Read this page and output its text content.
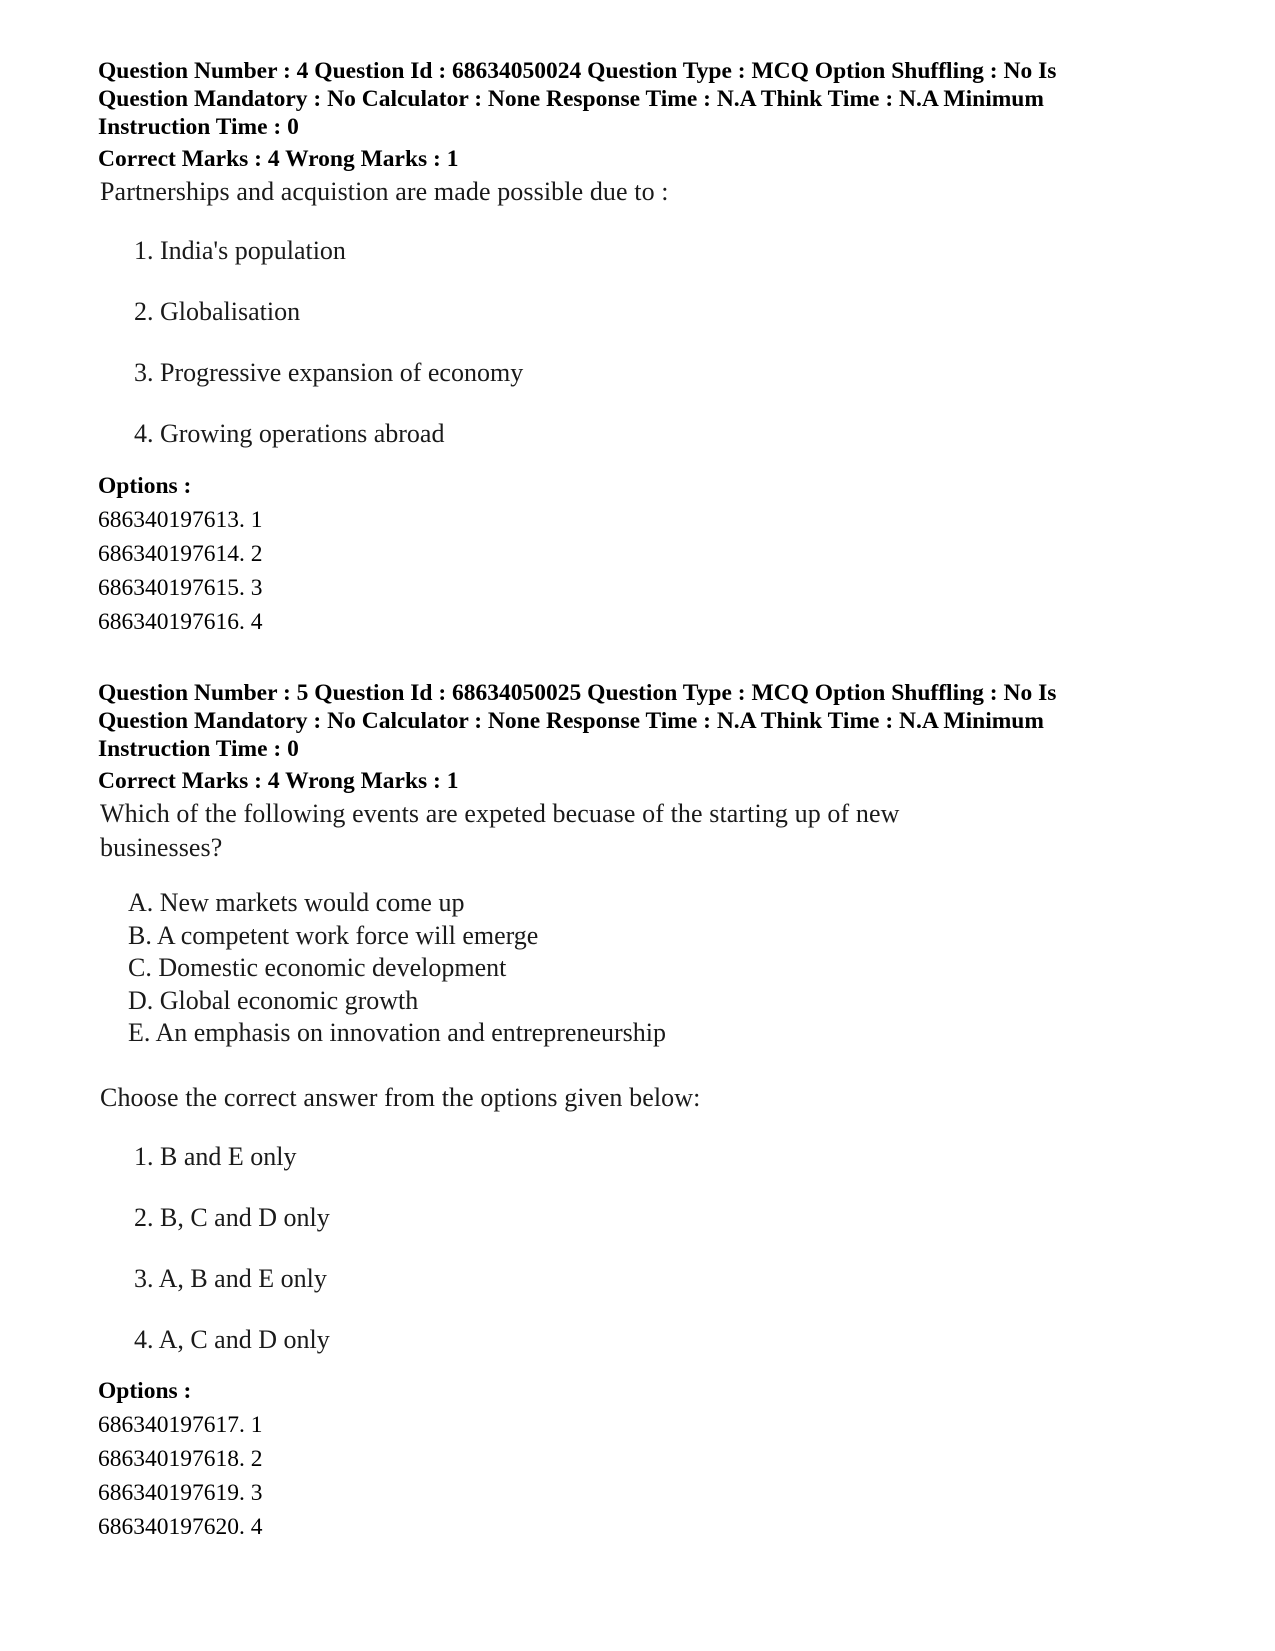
Question Number : 4 Question Id : 68634050024 Question Type : MCQ Option Shuffling : No Is

Question Mandatory : No Calculator : None Response Time : N.A Think Time : N.A Minimum

Instruction Time : 0

Correct Marks : 4 Wrong Marks : 1

Partnerships and acquistion are made possible due to :
1. India's population
2. Globalisation
3. Progressive expansion of economy
4. Growing operations abroad

Options :

686340197613. 1
686340197614. 2
686340197615. 3
686340197616. 4

Question Number : 5 Question Id : 68634050025 Question Type : MCQ Option Shuffling : No Is

Question Mandatory : No Calculator : None Response Time : N.A Think Time : N.A Minimum

Instruction Time : 0

Correct Marks : 4 Wrong Marks : 1

Which of the following events are expeted becuase of the starting up of new
businesses?
A. New markets would come up
B. A competent work force will emerge
C. Domestic economic development
D. Global economic growth
E. An emphasis on innovation and entrepreneurship
Choose the correct answer from the options given below:
1. B and E only
2. B, C and D only
3. A, B and E only
4. A, C and D only

Options :

686340197617. 1
686340197618. 2
686340197619. 3
686340197620. 4
